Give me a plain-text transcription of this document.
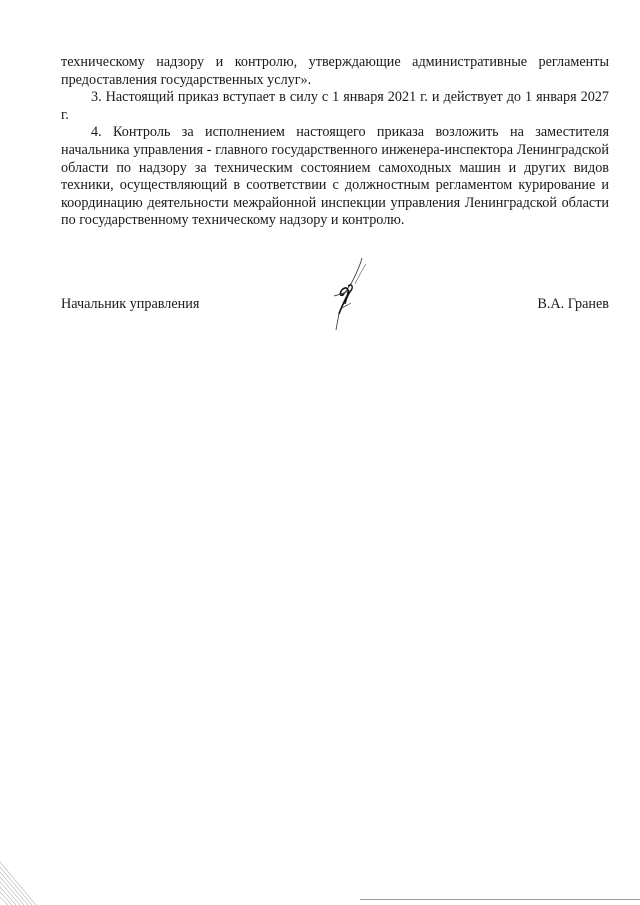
техническому надзору и контролю, утверждающие административные регламенты предоставления государственных услуг».

3. Настоящий приказ вступает в силу с 1 января 2021 г. и действует до 1 января 2027 г.

4. Контроль за исполнением настоящего приказа возложить на заместителя начальника управления - главного государственного инженера-инспектора Ленинградской области по надзору за техническим состоянием самоходных машин и других видов техники, осуществляющий в соответствии с должностным регламентом курирование и координацию деятельности межрайонной инспекции управления Ленинградской области по государственному техническому надзору и контролю.

Начальник управления	В.А. Гранев
